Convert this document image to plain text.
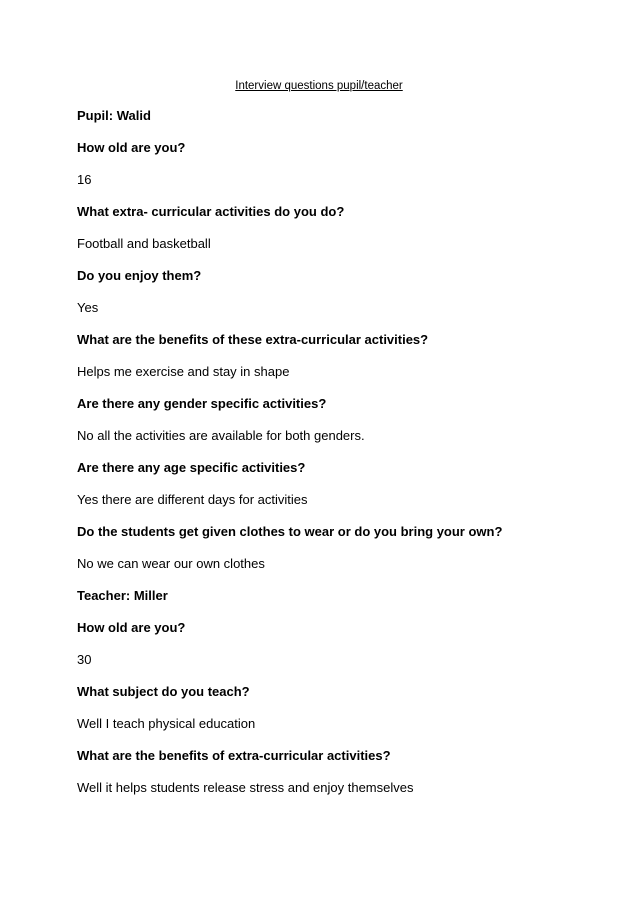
Interview questions pupil/teacher
Pupil: Walid
How old are you?
16
What extra- curricular activities do you do?
Football and basketball
Do you enjoy them?
Yes
What are the benefits of these extra-curricular activities?
Helps me exercise and stay in shape
Are there any gender specific activities?
No all the activities are available for both genders.
Are there any age specific activities?
Yes there are different days for activities
Do the students get given clothes to wear or do you bring your own?
No we can wear our own clothes
Teacher: Miller
How old are you?
30
What subject do you teach?
Well I teach physical education
What are the benefits of extra-curricular activities?
Well it helps students release stress and enjoy themselves
